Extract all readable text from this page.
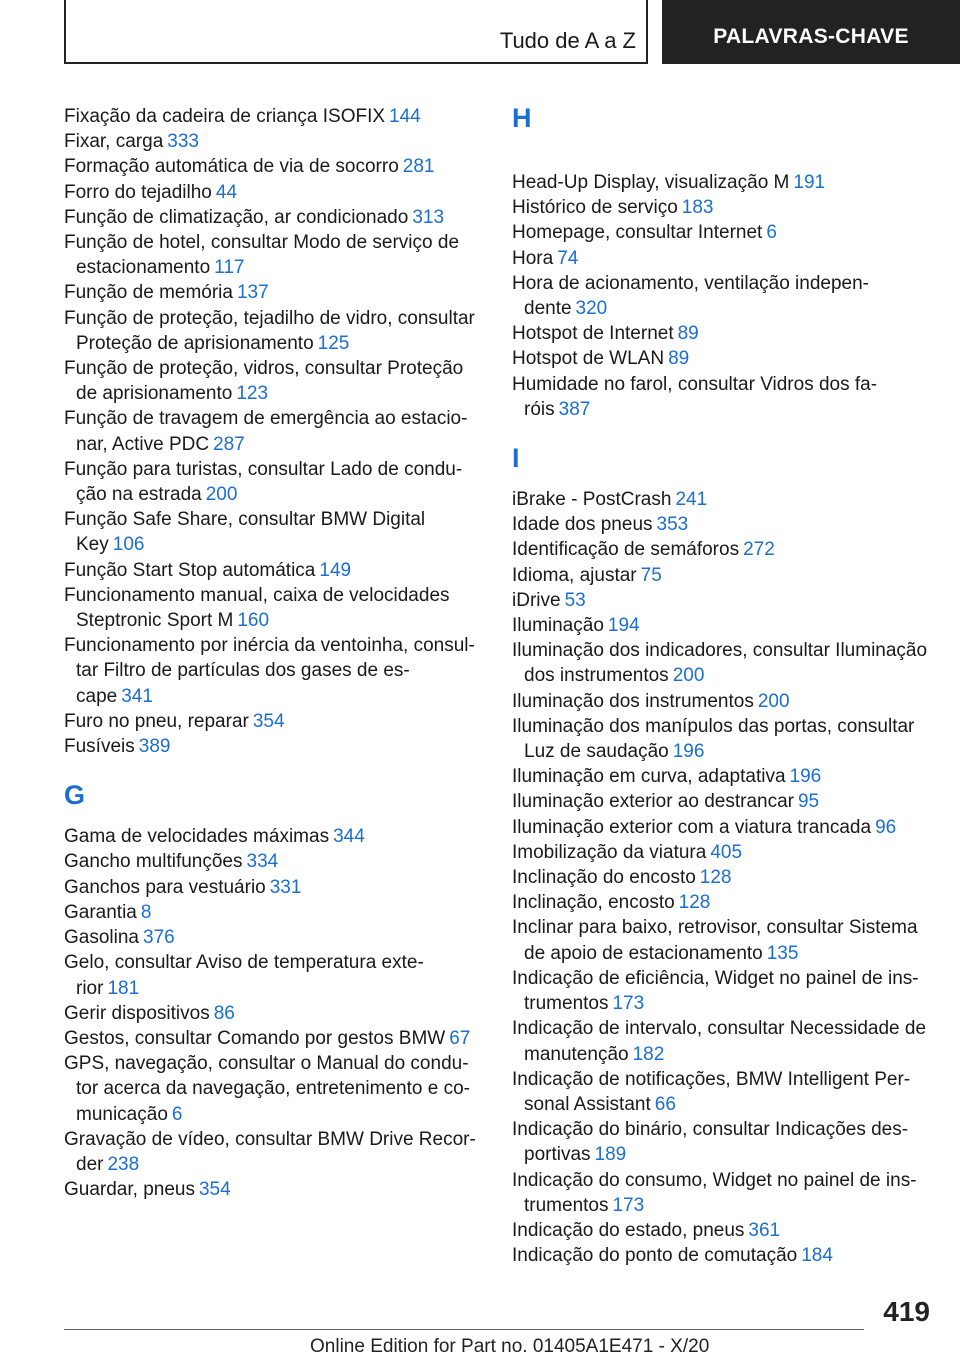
Tudo de A a Z	PALAVRAS-CHAVE
Fixação da cadeira de criança ISOFIX 144
Fixar, carga 333
Formação automática de via de socorro 281
Forro do tejadilho 44
Função de climatização, ar condicionado 313
Função de hotel, consultar Modo de serviço de estacionamento 117
Função de memória 137
Função de proteção, tejadilho de vidro, consultar Proteção de aprisionamento 125
Função de proteção, vidros, consultar Proteção de aprisionamento 123
Função de travagem de emergência ao estacio‐ nar, Active PDC 287
Função para turistas, consultar Lado de condu‐ ção na estrada 200
Função Safe Share, consultar BMW Digital Key 106
Função Start Stop automática 149
Funcionamento manual, caixa de velocidades Steptronic Sport M 160
Funcionamento por inércia da ventoinha, consul‐ tar Filtro de partículas dos gases de es‐ cape 341
Furo no pneu, reparar 354
Fusíveis 389
G
Gama de velocidades máximas 344
Gancho multifunções 334
Ganchos para vestuário 331
Garantia 8
Gasolina 376
Gelo, consultar Aviso de temperatura exte‐ rior 181
Gerir dispositivos 86
Gestos, consultar Comando por gestos BMW 67
GPS, navegação, consultar o Manual do condu‐ tor acerca da navegação, entretenimento e co‐ municação 6
Gravação de vídeo, consultar BMW Drive Recor‐ der 238
Guardar, pneus 354
H
Head-Up Display, visualização M 191
Histórico de serviço 183
Homepage, consultar Internet 6
Hora 74
Hora de acionamento, ventilação indepen‐ dente 320
Hotspot de Internet 89
Hotspot de WLAN 89
Humidade no farol, consultar Vidros dos fa‐ róis 387
I
iBrake - PostCrash 241
Idade dos pneus 353
Identificação de semáforos 272
Idioma, ajustar 75
iDrive 53
Iluminação 194
Iluminação dos indicadores, consultar Iluminação dos instrumentos 200
Iluminação dos instrumentos 200
Iluminação dos manípulos das portas, consultar Luz de saudação 196
Iluminação em curva, adaptativa 196
Iluminação exterior ao destrancar 95
Iluminação exterior com a viatura trancada 96
Imobilização da viatura 405
Inclinação do encosto 128
Inclinação, encosto 128
Inclinar para baixo, retrovisor, consultar Sistema de apoio de estacionamento 135
Indicação de eficiência, Widget no painel de ins‐ trumentos 173
Indicação de intervalo, consultar Necessidade de manutenção 182
Indicação de notificações, BMW Intelligent Per‐ sonal Assistant 66
Indicação do binário, consultar Indicações des‐ portivas 189
Indicação do consumo, Widget no painel de ins‐ trumentos 173
Indicação do estado, pneus 361
Indicação do ponto de comutação 184
419
Online Edition for Part no. 01405A1E471 - X/20
